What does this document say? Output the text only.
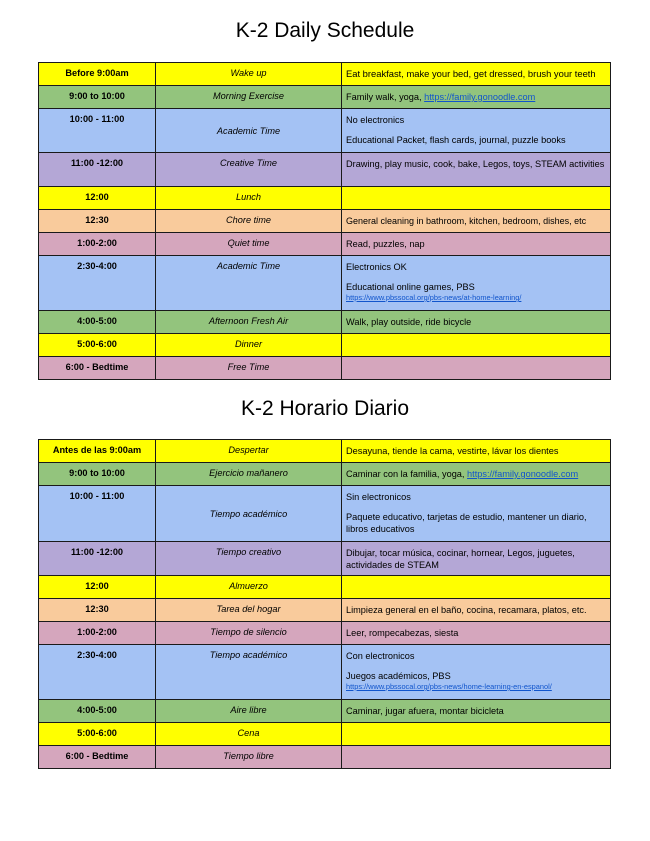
K-2 Daily Schedule
Before 9:00am	Wake up	Eat breakfast, make your bed, get dressed, brush your teeth
9:00 to 10:00	Morning Exercise	Family walk, yoga, https://family.gonoodle.com
10:00 - 11:00	Academic Time	No electronics
Educational Packet, flash cards, journal, puzzle books

11:00 -12:00	Creative Time	Drawing, play music, cook, bake, Legos, toys, STEAM activities
12:00	Lunch	
12:30	Chore time	General cleaning in bathroom, kitchen, bedroom, dishes, etc
1:00-2:00	Quiet time	Read, puzzles, nap
2:30-4:00	Academic Time	Electronics OK
Educational online games, PBS
https://www.pbssocal.org/pbs-news/at-home-learning/

4:00-5:00	Afternoon Fresh Air	Walk, play outside, ride bicycle
5:00-6:00	Dinner	
6:00 - Bedtime	Free Time	
K-2 Horario Diario
Antes de las 9:00am	Despertar	Desayuna, tiende la cama, vestirte, lávar los dientes
9:00 to 10:00	Ejercicio mañanero	Caminar con la familia, yoga, https://family.gonoodle.com
10:00 - 11:00	Tiempo académico	Sin electronicos
Paquete educativo, tarjetas de estudio, mantener un diario, libros educativos

11:00 -12:00	Tiempo creativo	Dibujar, tocar música, cocinar, hornear, Legos, juguetes, actividades de STEAM
12:00	Almuerzo	
12:30	Tarea del hogar	Limpieza general en el baño, cocina, recamara, platos, etc.
1:00-2:00	Tiempo de silencio	Leer, rompecabezas, siesta
2:30-4:00	Tiempo académico	Con electronicos
Juegos académicos, PBS
https://www.pbssocal.org/pbs-news/home-learning-en-espanol/

4:00-5:00	Aire libre	Caminar, jugar afuera, montar bicicleta
5:00-6:00	Cena	
6:00 - Bedtime	Tiempo libre	
